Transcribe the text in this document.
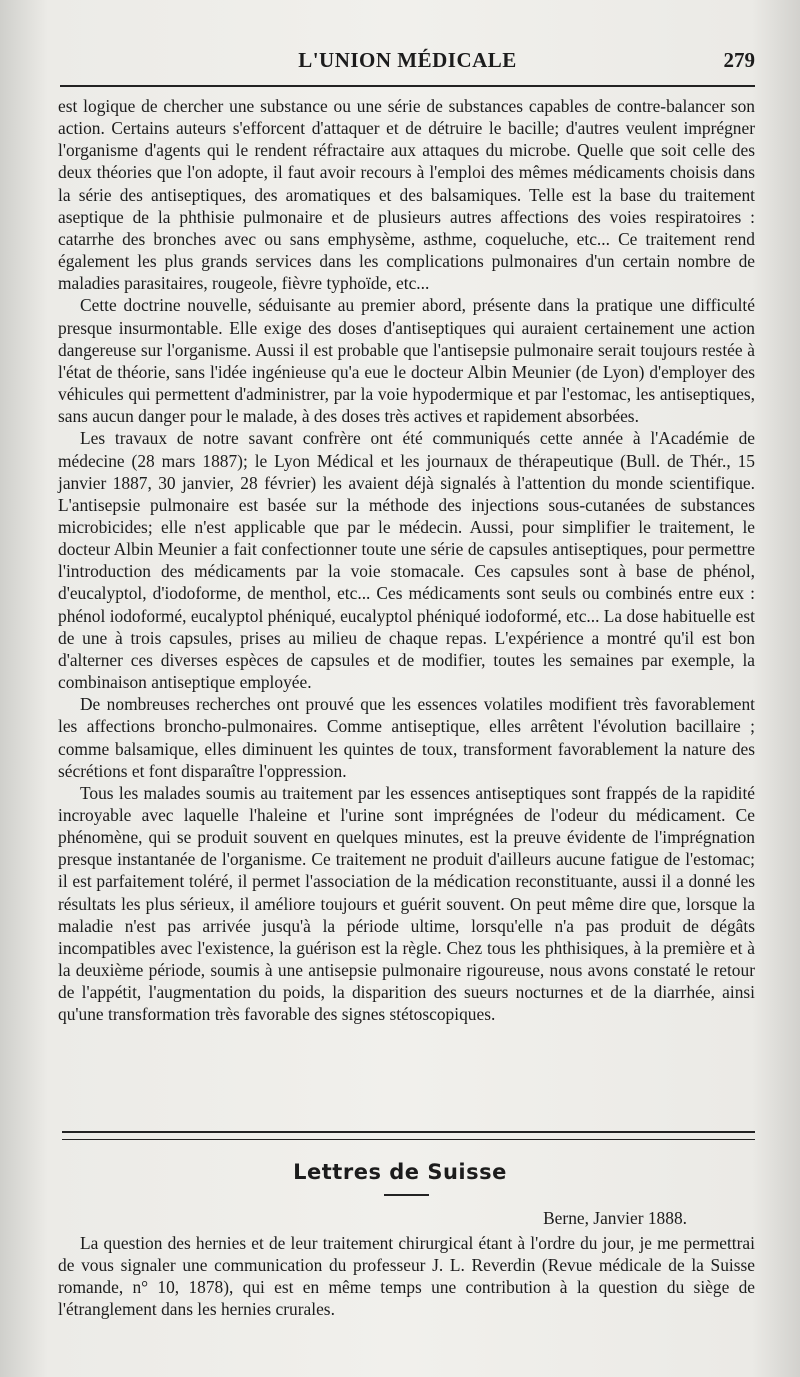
L'UNION MÉDICALE	279

est logique de chercher une substance ou une série de substances capables de contre-balancer son action. Certains auteurs s'efforcent d'attaquer et de détruire le bacille; d'autres veulent imprégner l'organisme d'agents qui le rendent réfractaire aux attaques du microbe. Quelle que soit celle des deux théories que l'on adopte, il faut avoir recours à l'emploi des mêmes médicaments choisis dans la série des antiseptiques, des aromatiques et des balsamiques. Telle est la base du traitement aseptique de la phthisie pulmonaire et de plusieurs autres affections des voies respiratoires : catarrhe des bronches avec ou sans emphysème, asthme, coqueluche, etc... Ce traitement rend également les plus grands services dans les complications pulmonaires d'un certain nombre de maladies parasitaires, rougeole, fièvre typhoïde, etc...

Cette doctrine nouvelle, séduisante au premier abord, présente dans la pratique une difficulté presque insurmontable. Elle exige des doses d'antiseptiques qui auraient certainement une action dangereuse sur l'organisme. Aussi il est probable que l'antisepsie pulmonaire serait toujours restée à l'état de théorie, sans l'idée ingénieuse qu'a eue le docteur Albin Meunier (de Lyon) d'employer des véhicules qui permettent d'administrer, par la voie hypodermique et par l'estomac, les antiseptiques, sans aucun danger pour le malade, à des doses très actives et rapidement absorbées.

Les travaux de notre savant confrère ont été communiqués cette année à l'Académie de médecine (28 mars 1887); le Lyon Médical et les journaux de thérapeutique (Bull. de Thér., 15 janvier 1887, 30 janvier, 28 février) les avaient déjà signalés à l'attention du monde scientifique. L'antisepsie pulmonaire est basée sur la méthode des injections sous-cutanées de substances microbicides; elle n'est applicable que par le médecin. Aussi, pour simplifier le traitement, le docteur Albin Meunier a fait confectionner toute une série de capsules antiseptiques, pour permettre l'introduction des médicaments par la voie stomacale. Ces capsules sont à base de phénol, d'eucalyptol, d'iodoforme, de menthol, etc... Ces médicaments sont seuls ou combinés entre eux : phénol iodoformé, eucalyptol phéniqué, eucalyptol phéniqué iodoformé, etc... La dose habituelle est de une à trois capsules, prises au milieu de chaque repas. L'expérience a montré qu'il est bon d'alterner ces diverses espèces de capsules et de modifier, toutes les semaines par exemple, la combinaison antiseptique employée.

De nombreuses recherches ont prouvé que les essences volatiles modifient très favorablement les affections broncho-pulmonaires. Comme antiseptique, elles arrêtent l'évolution bacillaire ; comme balsamique, elles diminuent les quintes de toux, transforment favorablement la nature des sécrétions et font disparaître l'oppression.

Tous les malades soumis au traitement par les essences antiseptiques sont frappés de la rapidité incroyable avec laquelle l'haleine et l'urine sont imprégnées de l'odeur du médicament. Ce phénomène, qui se produit souvent en quelques minutes, est la preuve évidente de l'imprégnation presque instantanée de l'organisme. Ce traitement ne produit d'ailleurs aucune fatigue de l'estomac; il est parfaitement toléré, il permet l'association de la médication reconstituante, aussi il a donné les résultats les plus sérieux, il améliore toujours et guérit souvent. On peut même dire que, lorsque la maladie n'est pas arrivée jusqu'à la période ultime, lorsqu'elle n'a pas produit de dégâts incompatibles avec l'existence, la guérison est la règle. Chez tous les phthisiques, à la première et à la deuxième période, soumis à une antisepsie pulmonaire rigoureuse, nous avons constaté le retour de l'appétit, l'augmentation du poids, la disparition des sueurs nocturnes et de la diarrhée, ainsi qu'une transformation très favorable des signes stétoscopiques.

Lettres de Suisse
Berne, Janvier 1888.

La question des hernies et de leur traitement chirurgical étant à l'ordre du jour, je me permettrai de vous signaler une communication du professeur J. L. Reverdin (Revue médicale de la Suisse romande, n° 10, 1878), qui est en même temps une contribution à la question du siège de l'étranglement dans les hernies crurales.
